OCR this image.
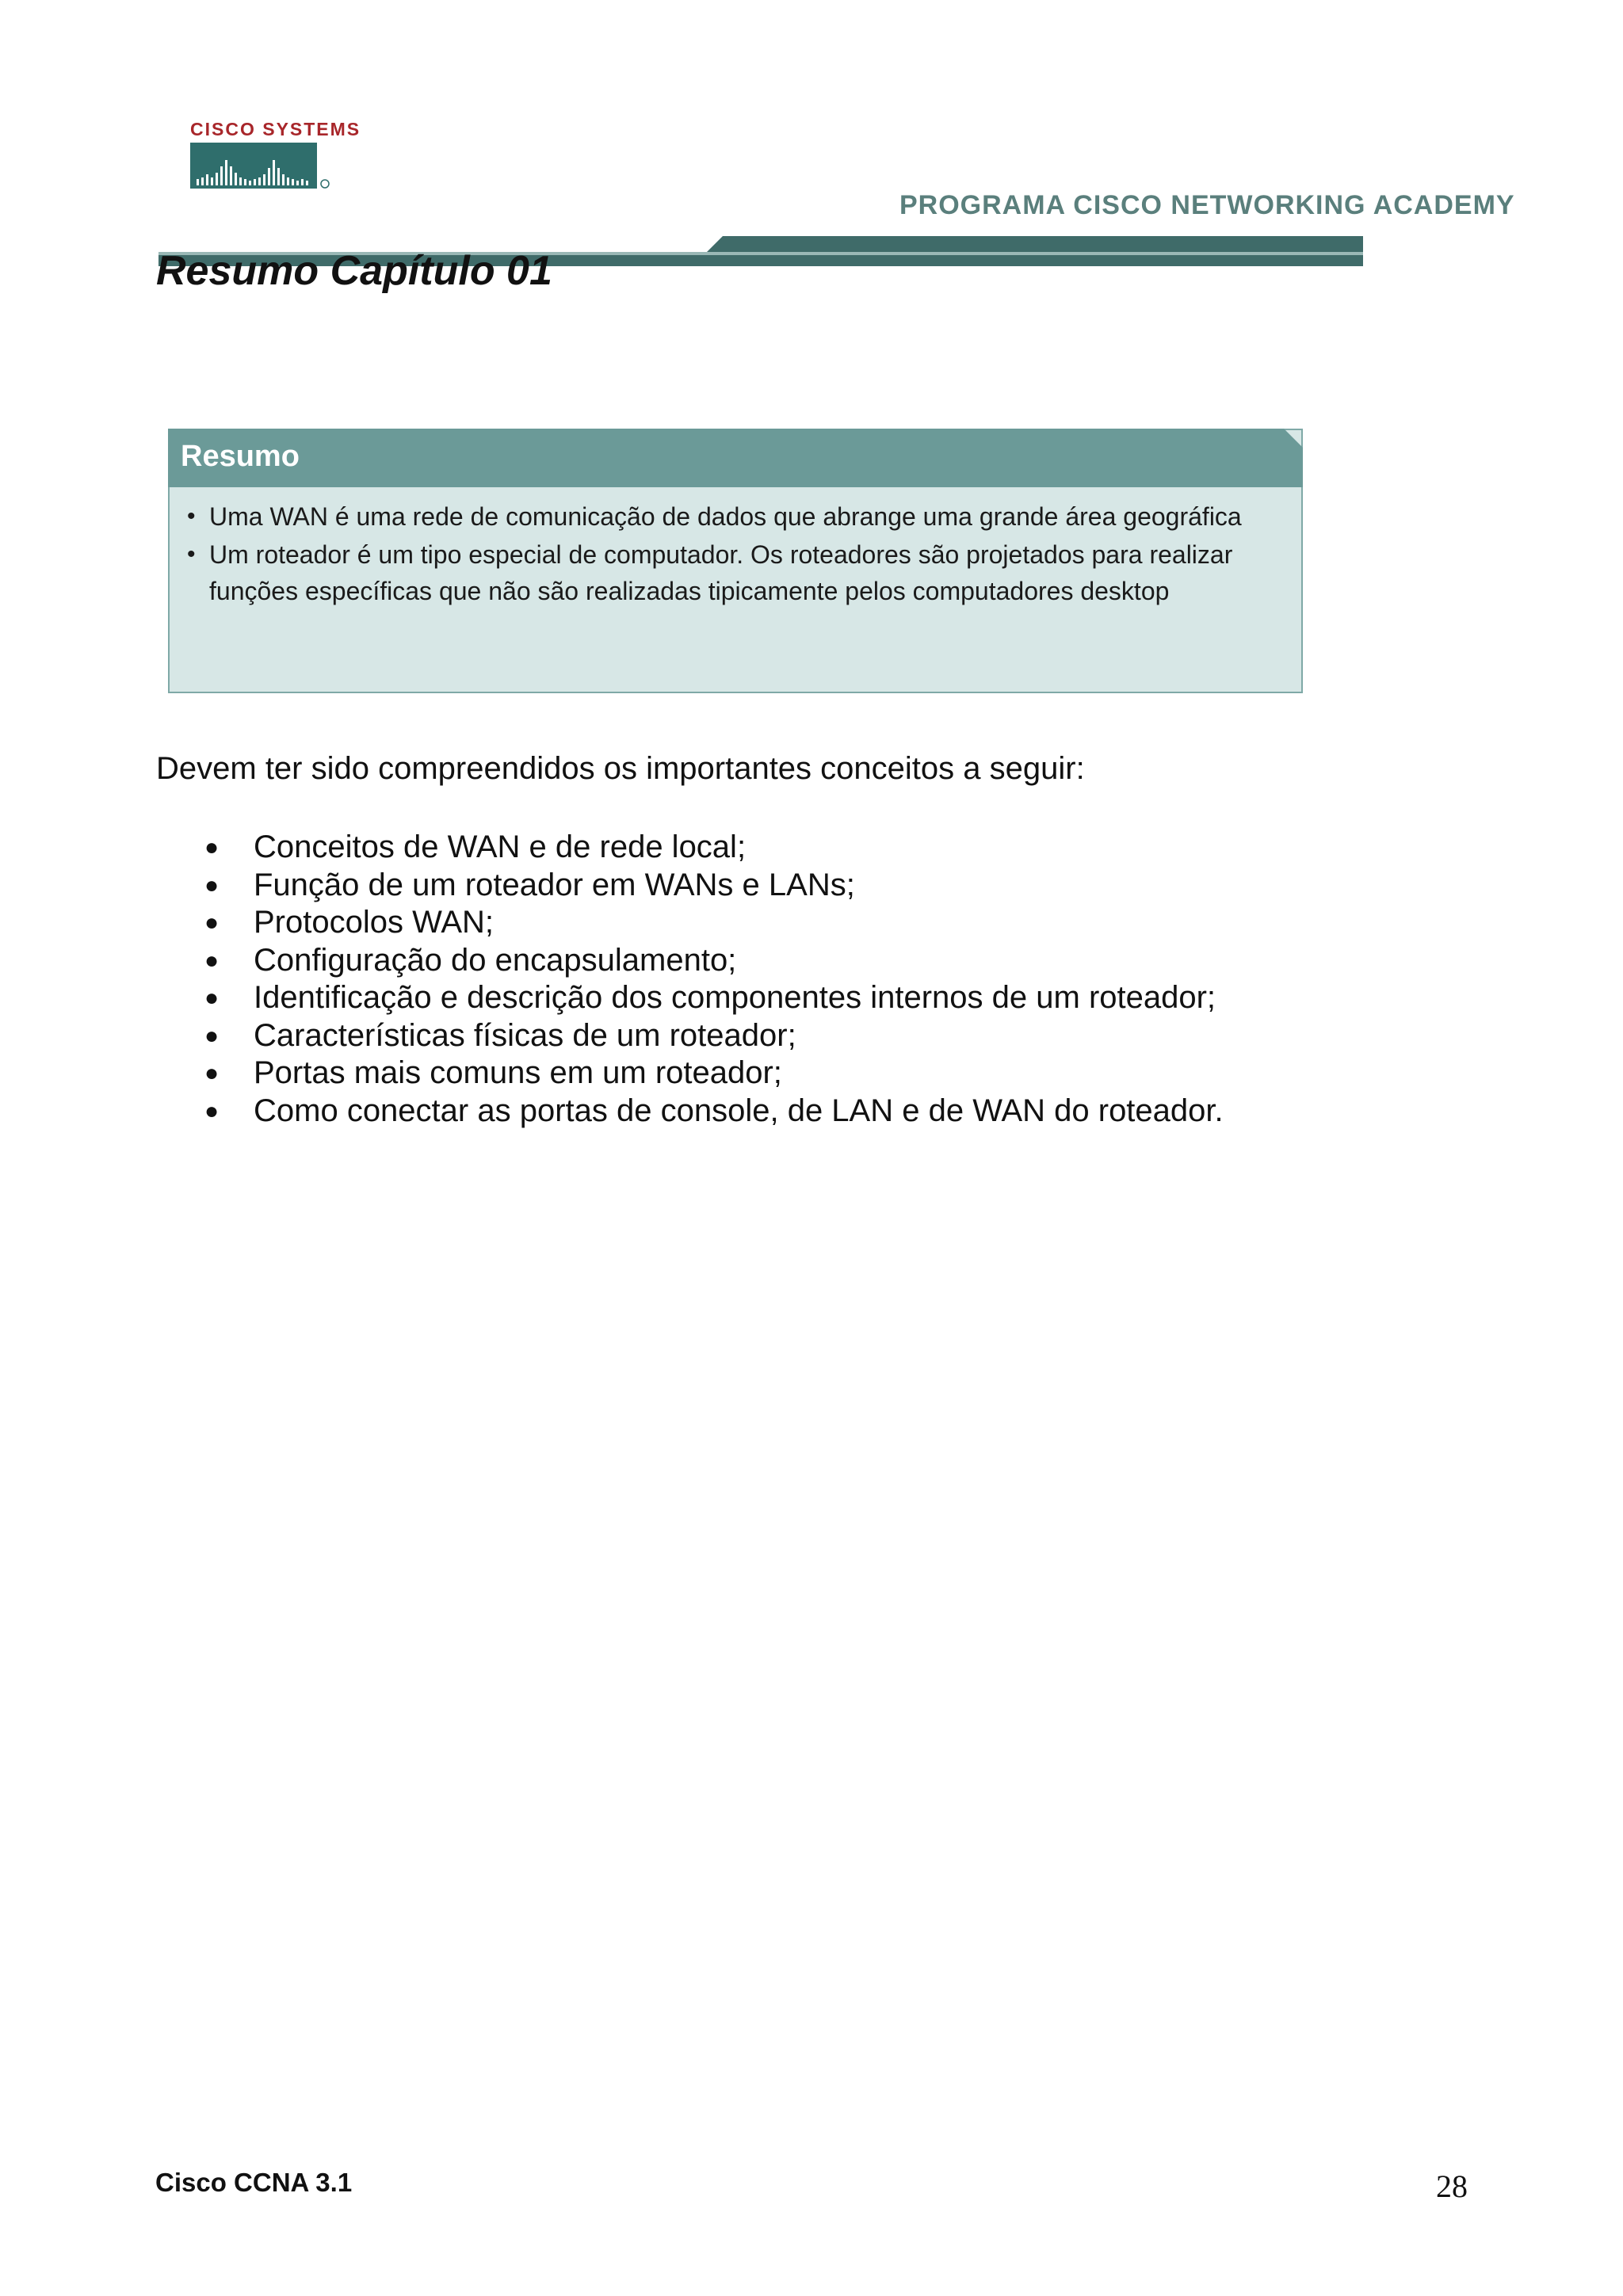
CISCO SYSTEMS
PROGRAMA CISCO NETWORKING ACADEMY
Resumo Capítulo 01
Resumo
• Uma WAN é uma rede de comunicação de dados que abrange uma grande área geográfica
• Um roteador é um tipo especial de computador. Os roteadores são projetados para realizar funções específicas que não são realizadas tipicamente pelos computadores desktop
Devem ter sido compreendidos os importantes conceitos a seguir:
● Conceitos de WAN e de rede local;
● Função de um roteador em WANs e LANs;
● Protocolos WAN;
● Configuração do encapsulamento;
● Identificação e descrição dos componentes internos de um roteador;
● Características físicas de um roteador;
● Portas mais comuns em um roteador;
● Como conectar as portas de console, de LAN e de WAN do roteador.
Cisco CCNA 3.1	28
